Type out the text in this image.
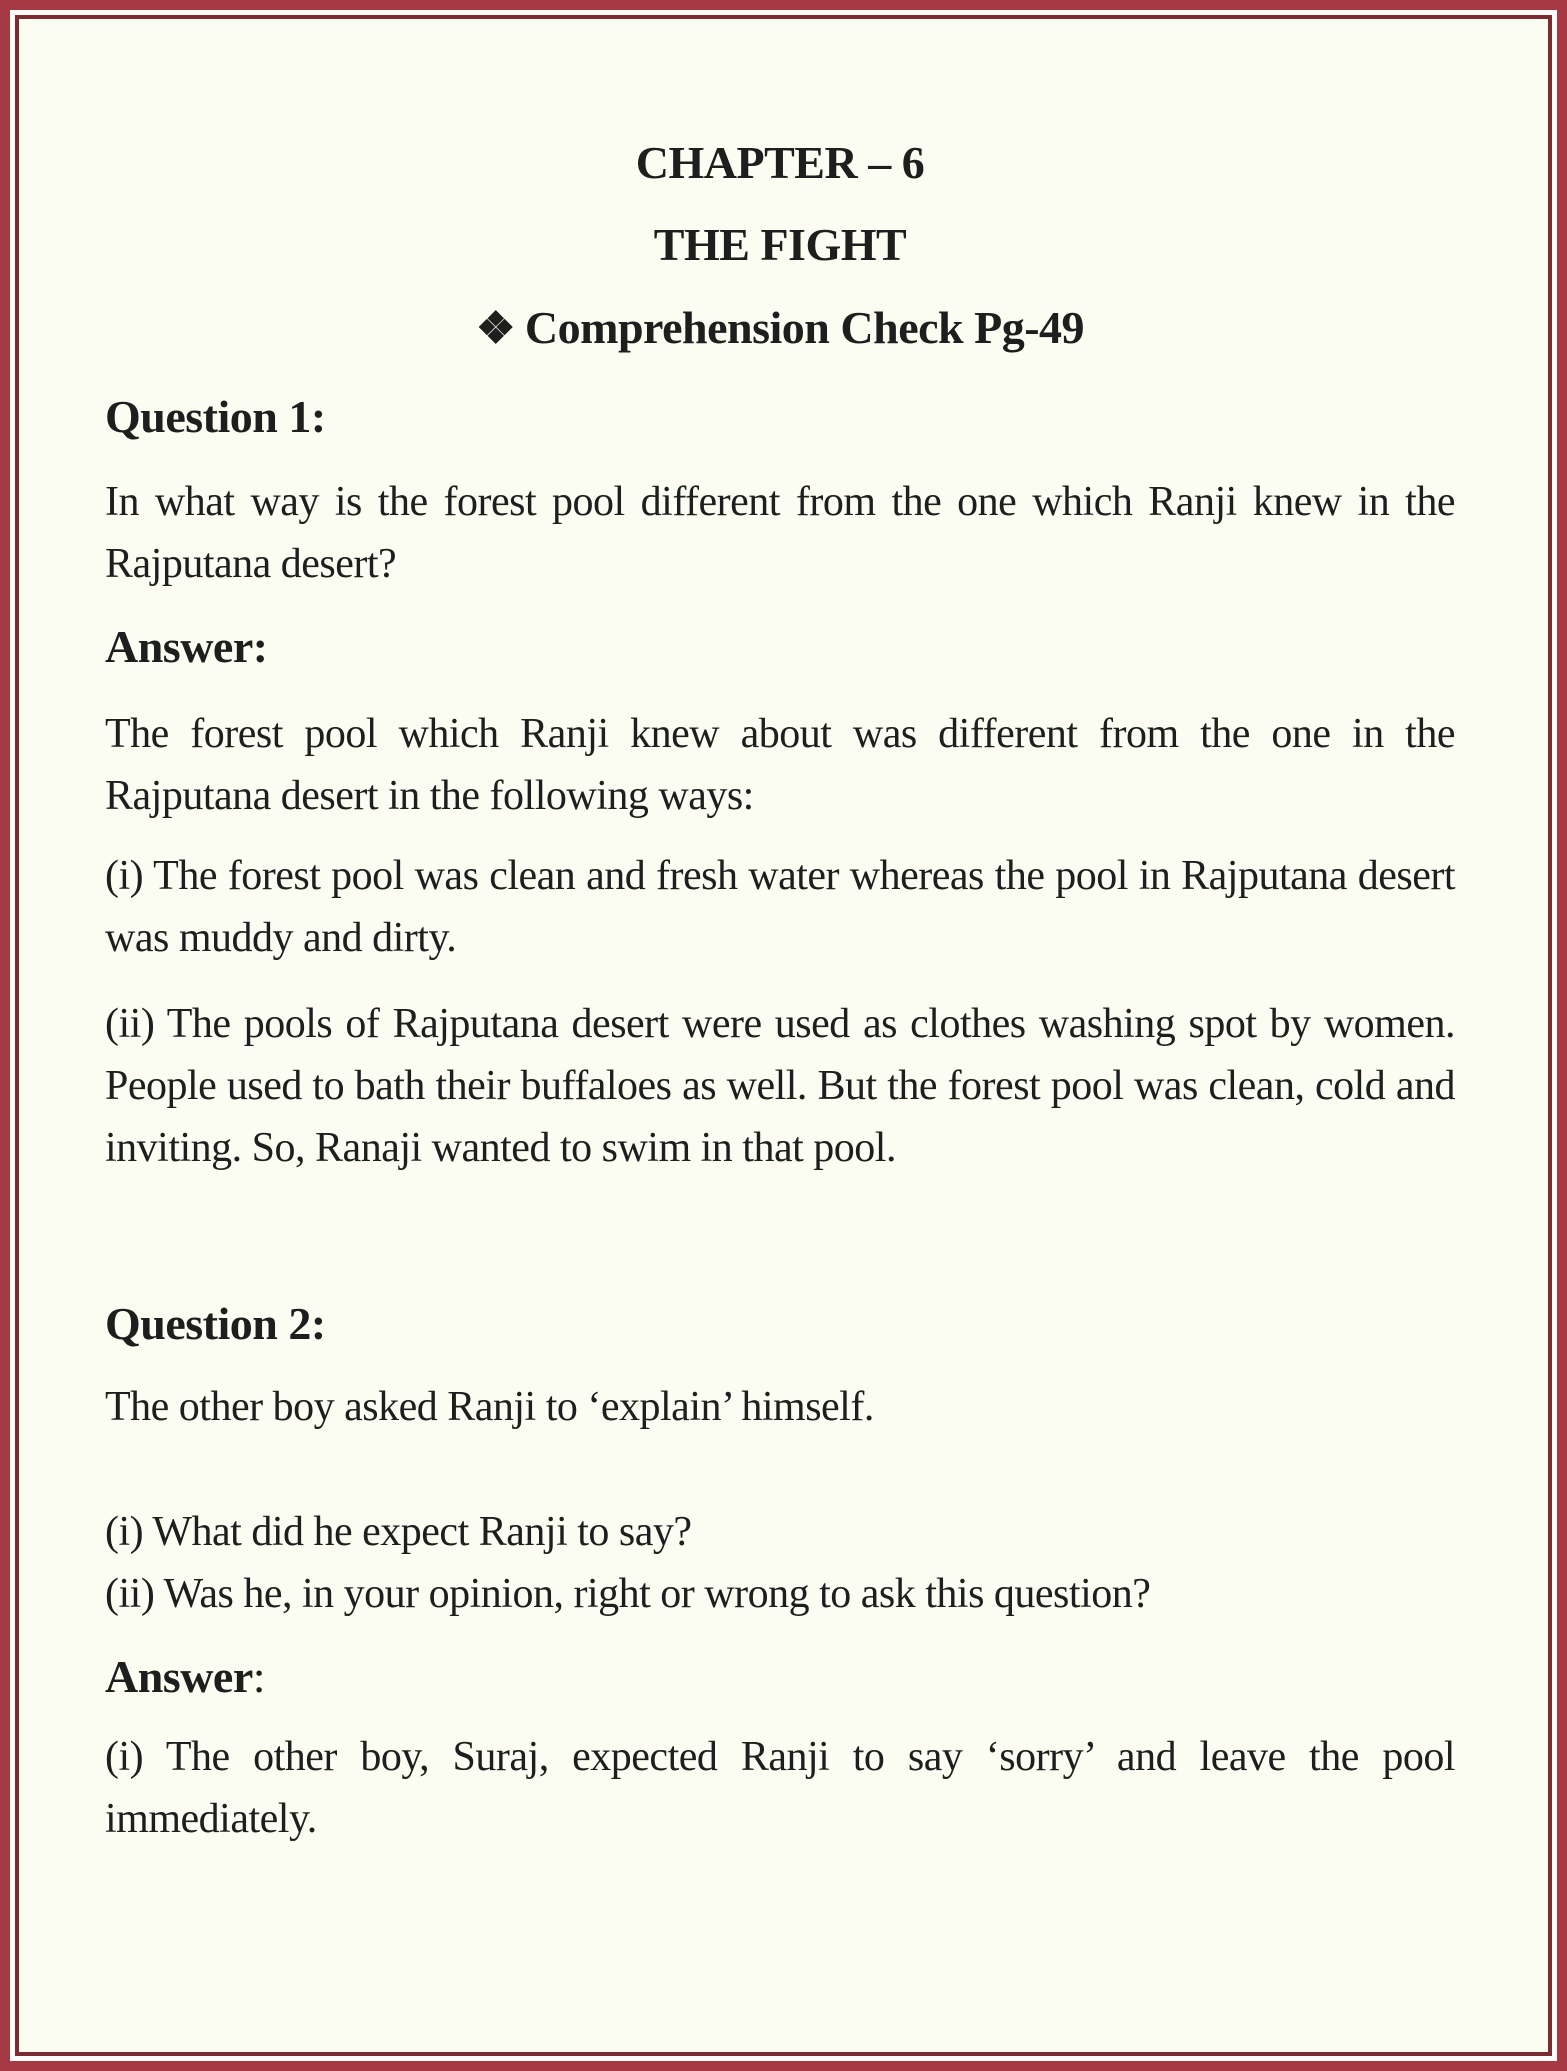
CHAPTER – 6
THE FIGHT
❖ Comprehension Check Pg-49

Question 1:

In what way is the forest pool different from the one which Ranji knew in the Rajputana desert?

Answer:

The forest pool which Ranji knew about was different from the one in the Rajputana desert in the following ways:

(i) The forest pool was clean and fresh water whereas the pool in Rajputana desert was muddy and dirty.

(ii) The pools of Rajputana desert were used as clothes washing spot by women. People used to bath their buffaloes as well. But the forest pool was clean, cold and inviting. So, Ranaji wanted to swim in that pool.

Question 2:

The other boy asked Ranji to ‘explain’ himself.

(i) What did he expect Ranji to say?

(ii) Was he, in your opinion, right or wrong to ask this question?

Answer:

(i) The other boy, Suraj, expected Ranji to say ‘sorry’ and leave the pool immediately.
